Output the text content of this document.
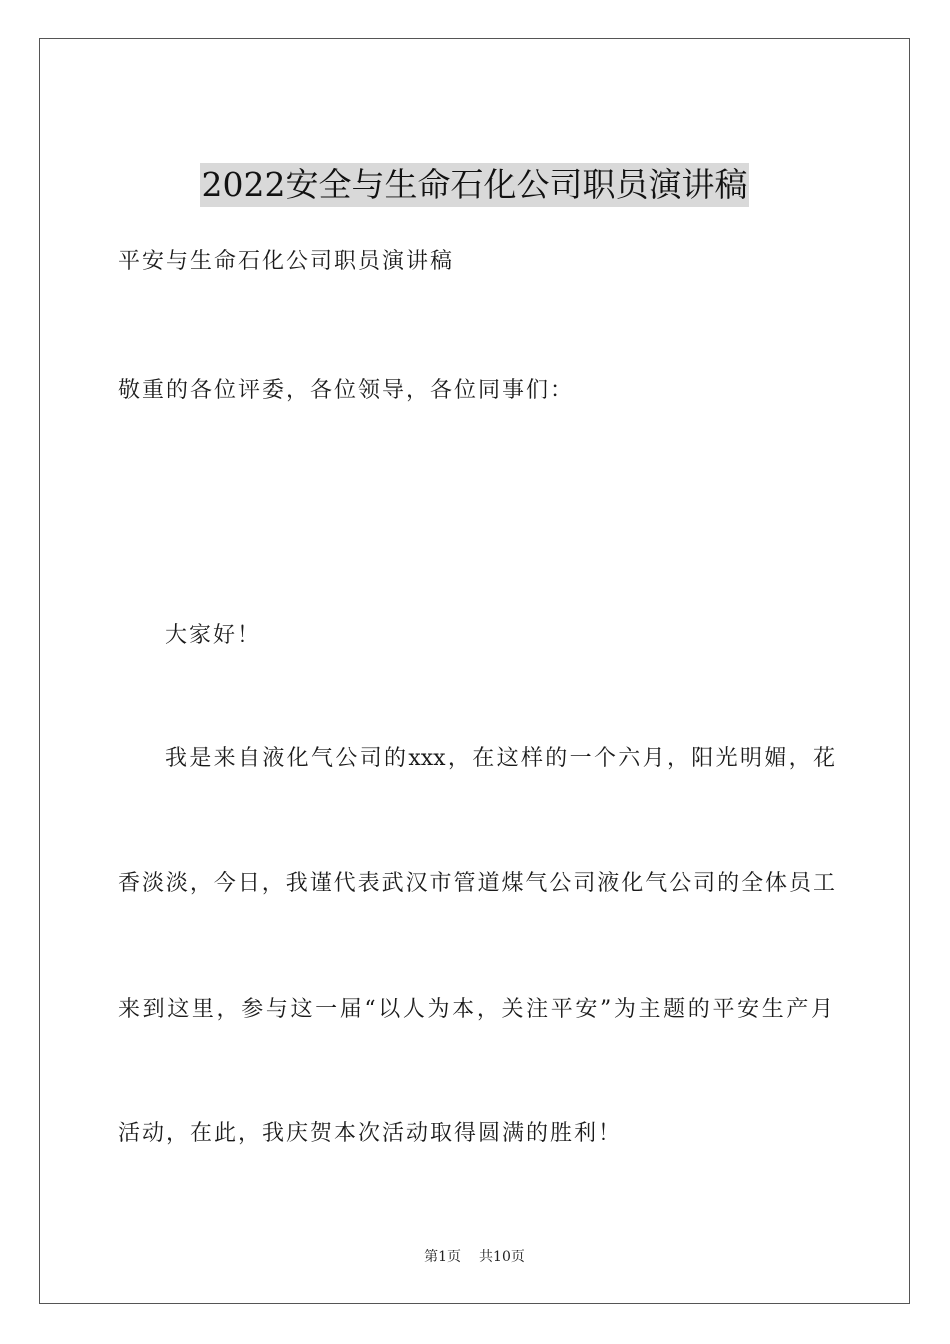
2022安全与生命石化公司职员演讲稿
平安与生命石化公司职员演讲稿
敬重的各位评委，各位领导，各位同事们：
大家好！
我是来自液化气公司的xxx，在这样的一个六月，阳光明媚，花
香淡淡，今日，我谨代表武汉市管道煤气公司液化气公司的全体员工
来到这里，参与这一届“以人为本，关注平安”为主题的平安生产月
活动，在此，我庆贺本次活动取得圆满的胜利！
第1页 共10页
